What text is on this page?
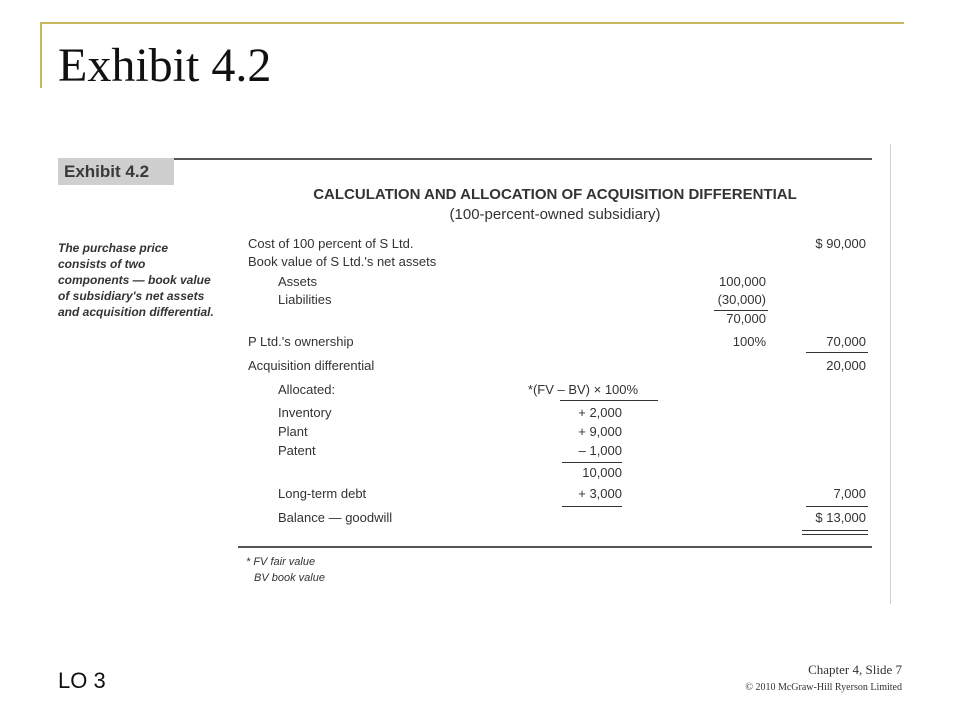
Exhibit 4.2
Exhibit 4.2
CALCULATION AND ALLOCATION OF ACQUISITION DIFFERENTIAL
(100-percent-owned subsidiary)
The purchase price consists of two components — book value of subsidiary's net assets and acquisition differential.
Cost of 100 percent of S Ltd.	$ 90,000
Book value of S Ltd.'s net assets
Assets	100,000
Liabilities	(30,000)
70,000
P Ltd.'s ownership	100%	70,000
Acquisition differential	20,000
Allocated:	*(FV – BV) × 100%
Inventory	+ 2,000
Plant	+ 9,000
Patent	– 1,000
10,000
Long-term debt	+ 3,000	7,000
Balance — goodwill	$ 13,000
* FV fair value
BV book value
LO 3	Chapter 4, Slide 7
© 2010 McGraw-Hill Ryerson Limited
